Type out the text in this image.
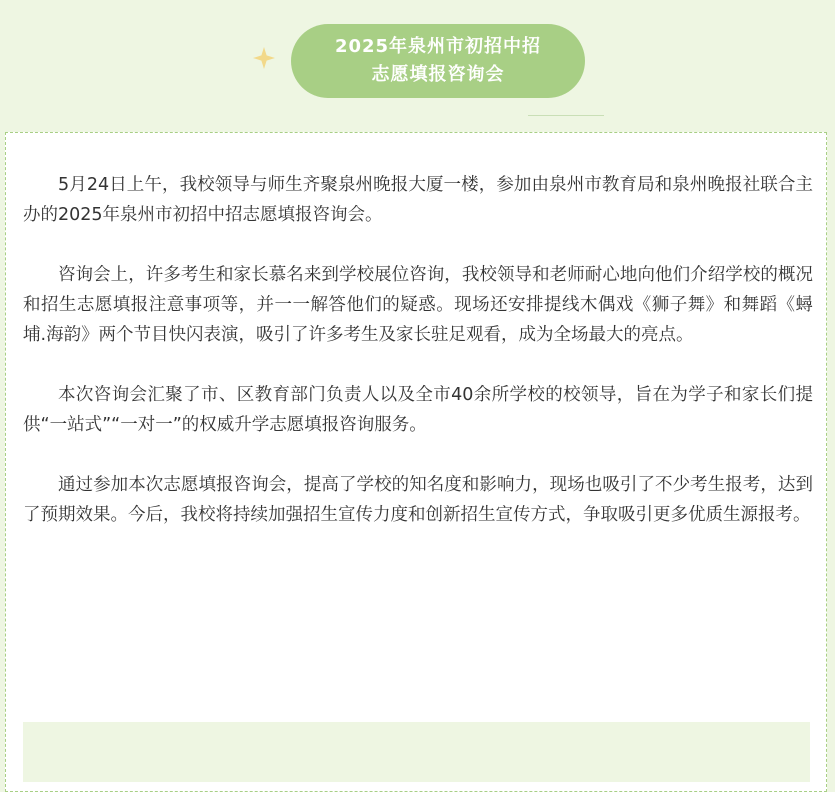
2025年泉州市初招中招
志愿填报咨询会

5月24日上午，我校领导与师生齐聚泉州晚报大厦一楼，参加由泉州市教育局和泉州晚报社联合主办的2025年泉州市初招中招志愿填报咨询会。

咨询会上，许多考生和家长慕名来到学校展位咨询，我校领导和老师耐心地向他们介绍学校的概况和招生志愿填报注意事项等，并一一解答他们的疑惑。现场还安排提线木偶戏《狮子舞》和舞蹈《蟳埔.海韵》两个节目快闪表演，吸引了许多考生及家长驻足观看，成为全场最大的亮点。

本次咨询会汇聚了市、区教育部门负责人以及全市40余所学校的校领导，旨在为学子和家长们提供“一站式”“一对一”的权威升学志愿填报咨询服务。

通过参加本次志愿填报咨询会，提高了学校的知名度和影响力，现场也吸引了不少考生报考，达到了预期效果。今后，我校将持续加强招生宣传力度和创新招生宣传方式，争取吸引更多优质生源报考。
